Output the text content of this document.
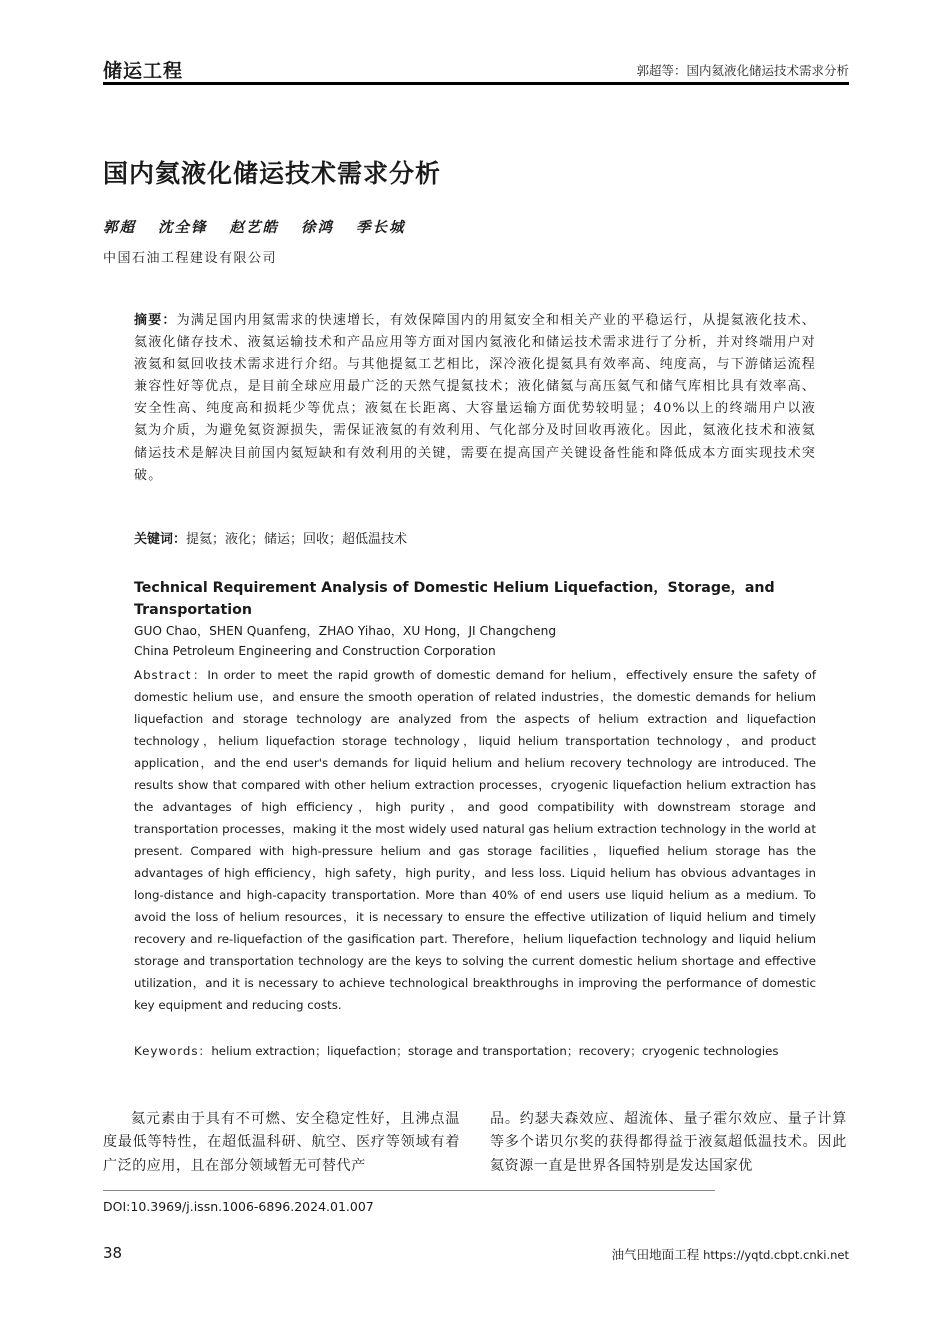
储运工程	郭超等：国内氦液化储运技术需求分析
国内氦液化储运技术需求分析
郭超 沈全锋 赵艺皓 徐鸿 季长城
中国石油工程建设有限公司
摘要：为满足国内用氦需求的快速增长，有效保障国内的用氦安全和相关产业的平稳运行，从提氦液化技术、氦液化储存技术、液氦运输技术和产品应用等方面对国内氦液化和储运技术需求进行了分析，并对终端用户对液氦和氦回收技术需求进行介绍。与其他提氦工艺相比，深冷液化提氦具有效率高、纯度高，与下游储运流程兼容性好等优点，是目前全球应用最广泛的天然气提氦技术；液化储氦与高压氦气和储气库相比具有效率高、安全性高、纯度高和损耗少等优点；液氦在长距离、大容量运输方面优势较明显；40%以上的终端用户以液氦为介质，为避免氦资源损失，需保证液氦的有效利用、气化部分及时回收再液化。因此，氦液化技术和液氦储运技术是解决目前国内氦短缺和有效利用的关键，需要在提高国产关键设备性能和降低成本方面实现技术突破。
关键词：提氦；液化；储运；回收；超低温技术
Technical Requirement Analysis of Domestic Helium Liquefaction，Storage，and Transportation
GUO Chao，SHEN Quanfeng，ZHAO Yihao，XU Hong，JI Changcheng
China Petroleum Engineering and Construction Corporation
Abstract：In order to meet the rapid growth of domestic demand for helium，effectively ensure the safety of domestic helium use，and ensure the smooth operation of related industries，the domestic demands for helium liquefaction and storage technology are analyzed from the aspects of helium extraction and liquefaction technology，helium liquefaction storage technology，liquid helium transportation technology，and product application，and the end user's demands for liquid helium and helium recovery technology are introduced. The results show that compared with other helium extraction processes，cryogenic liquefaction helium extraction has the advantages of high efficiency，high purity，and good compatibility with downstream storage and transportation processes，making it the most widely used natural gas helium extraction technology in the world at present. Compared with high-pressure helium and gas storage facilities，liquefied helium storage has the advantages of high efficiency，high safety，high purity，and less loss. Liquid helium has obvious advantages in long-distance and high-capacity transportation. More than 40% of end users use liquid helium as a medium. To avoid the loss of helium resources，it is necessary to ensure the effective utilization of liquid helium and timely recovery and re-liquefaction of the gasification part. Therefore，helium liquefaction technology and liquid helium storage and transportation technology are the keys to solving the current domestic helium shortage and effective utilization，and it is necessary to achieve technological breakthroughs in improving the performance of domestic key equipment and reducing costs.
Keywords：helium extraction；liquefaction；storage and transportation；recovery；cryogenic technologies
氦元素由于具有不可燃、安全稳定性好，且沸点温度最低等特性，在超低温科研、航空、医疗等领域有着广泛的应用，且在部分领域暂无可替代产
品。约瑟夫森效应、超流体、量子霍尔效应、量子计算等多个诺贝尔奖的获得都得益于液氦超低温技术。因此氦资源一直是世界各国特别是发达国家优
DOI:10.3969/j.issn.1006-6896.2024.01.007
38	油气田地面工程 https://yqtd.cbpt.cnki.net
